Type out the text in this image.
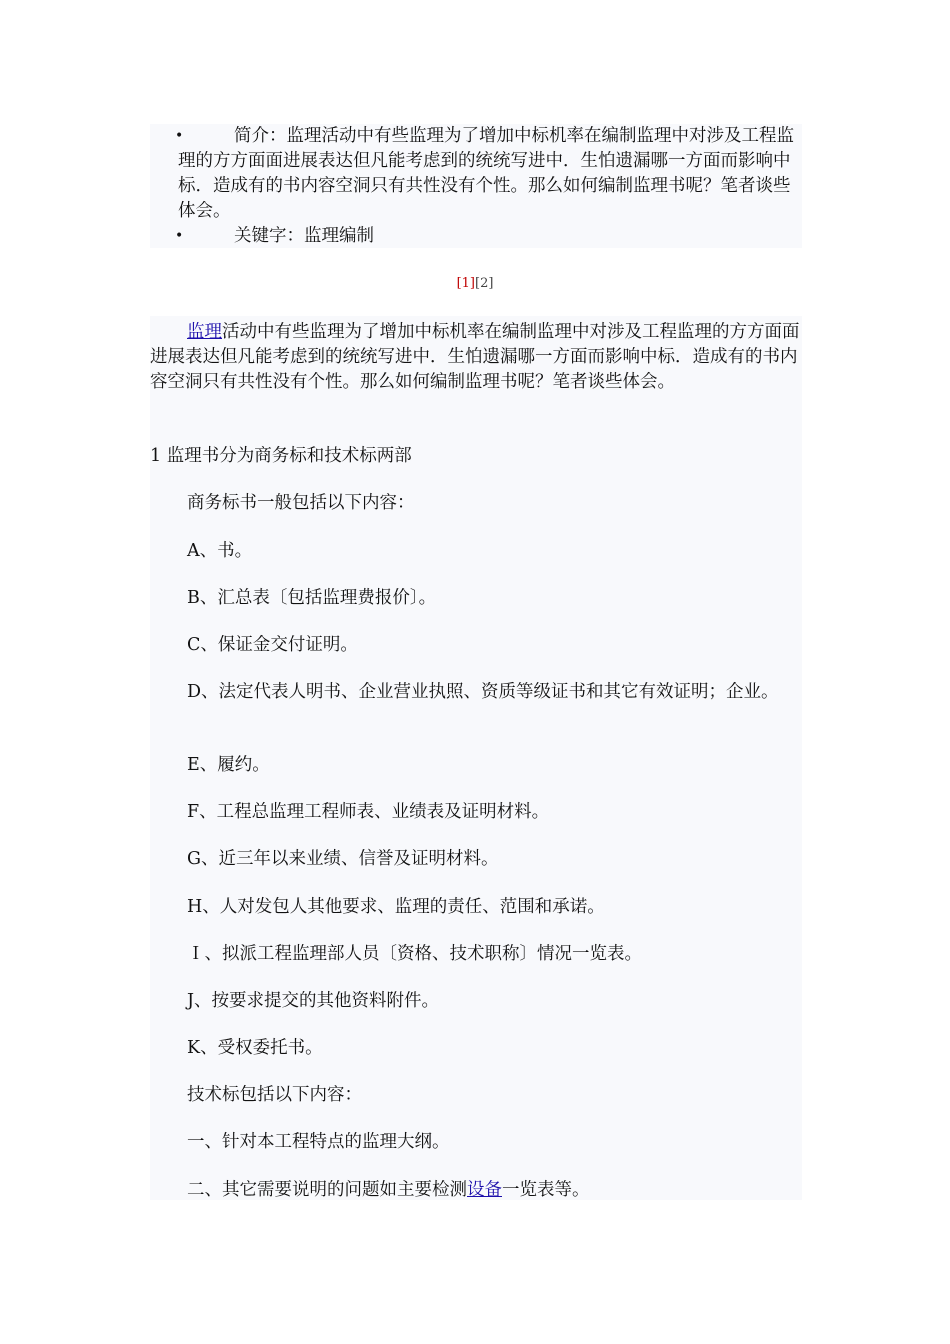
•	简介：监理活动中有些监理为了增加中标机率在编制监理中对涉及工程监理的方方面面进展表达但凡能考虑到的统统写进中．生怕遗漏哪一方面而影响中标．造成有的书内容空洞只有共性没有个性。那么如何编制监理书呢？笔者谈些体会。
•	关键字：监理编制
[1][2]
监理活动中有些监理为了增加中标机率在编制监理中对涉及工程监理的方方面面进展表达但凡能考虑到的统统写进中．生怕遗漏哪一方面而影响中标．造成有的书内容空洞只有共性没有个性。那么如何编制监理书呢？笔者谈些体会。
1 监理书分为商务标和技术标两部
商务标书一般包括以下内容：
A、书。
B、汇总表〔包括监理费报价〕。
C、保证金交付证明。
D、法定代表人明书、企业营业执照、资质等级证书和其它有效证明；企业。
E、履约。
F、工程总监理工程师表、业绩表及证明材料。
G、近三年以来业绩、信誉及证明材料。
H、人对发包人其他要求、监理的责任、范围和承诺。
Ｉ、拟派工程监理部人员〔资格、技术职称〕情况一览表。
J、按要求提交的其他资料附件。
K、受权委托书。
技术标包括以下内容：
一、针对本工程特点的监理大纲。
二、其它需要说明的问题如主要检测设备一览表等。
